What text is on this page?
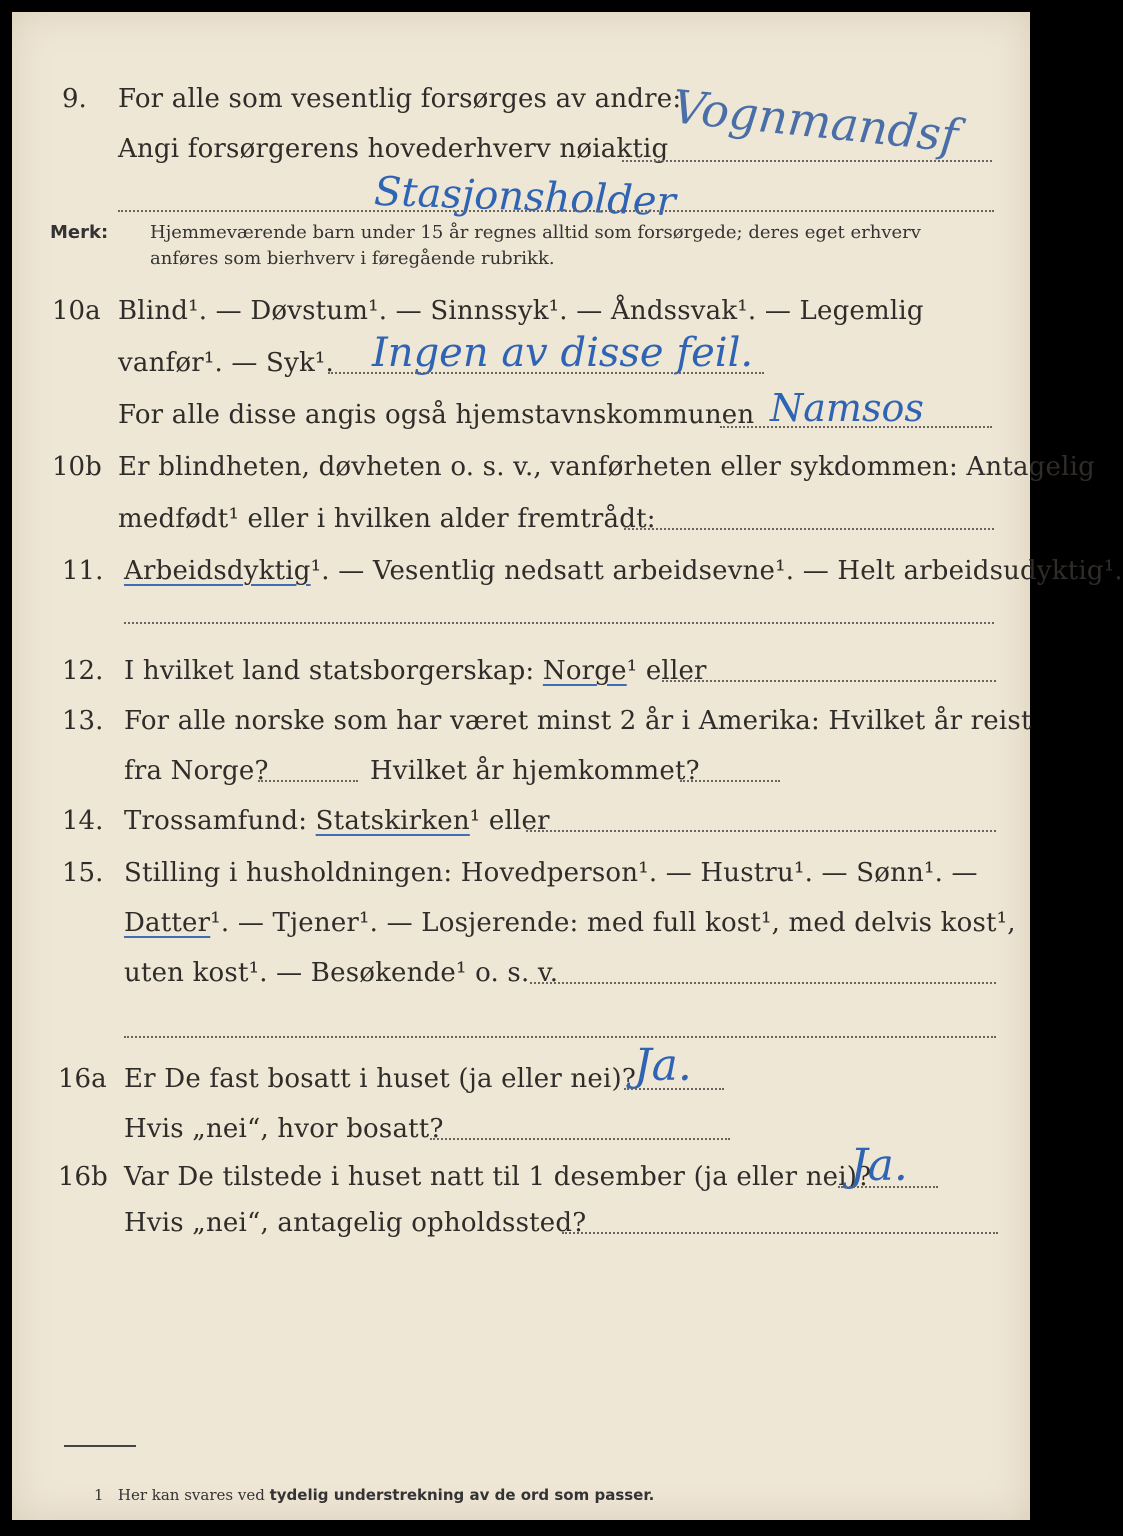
9. For alle som vesentlig forsørges av andre:
Angi forsørgerens hovederhverv nøiaktig Vognmandsf
Stasjonsholder
Merk: Hjemmeværende barn under 15 år regnes alltid som forsørgede; deres eget erhverv
anføres som bierhverv i føregående rubrikk.
10a Blind¹. — Døvstum¹. — Sinnssyk¹. — Åndssvak¹. — Legemlig
vanfør¹. — Syk¹. Ingen av disse feil.
For alle disse angis også hjemstavnskommunen Namsos
10b Er blindheten, døvheten o. s. v., vanførheten eller sykdommen: Antagelig
medfødt¹ eller i hvilken alder fremtrådt:
11. Arbeidsdyktig¹. — Vesentlig nedsatt arbeidsevne¹. — Helt arbeidsudyktig¹.
12. I hvilket land statsborgerskap: Norge¹ eller
13. For alle norske som har været minst 2 år i Amerika: Hvilket år reist
fra Norge?	Hvilket år hjemkommet?
14. Trossamfund: Statskirken¹ eller
15. Stilling i husholdningen: Hovedperson¹. — Hustru¹. — Sønn¹. —
Datter¹. — Tjener¹. — Losjerende: med full kost¹, med delvis kost¹,
uten kost¹. — Besøkende¹ o. s. v.
16a Er De fast bosatt i huset (ja eller nei)?
Ja.
Hvis „nei“, hvor bosatt?
16b Var De tilstede i huset natt til 1 desember (ja eller nei)?
Ja.
Hvis „nei“, antagelig opholdssted?
1 Her kan svares ved tydelig understrekning av de ord som passer.
